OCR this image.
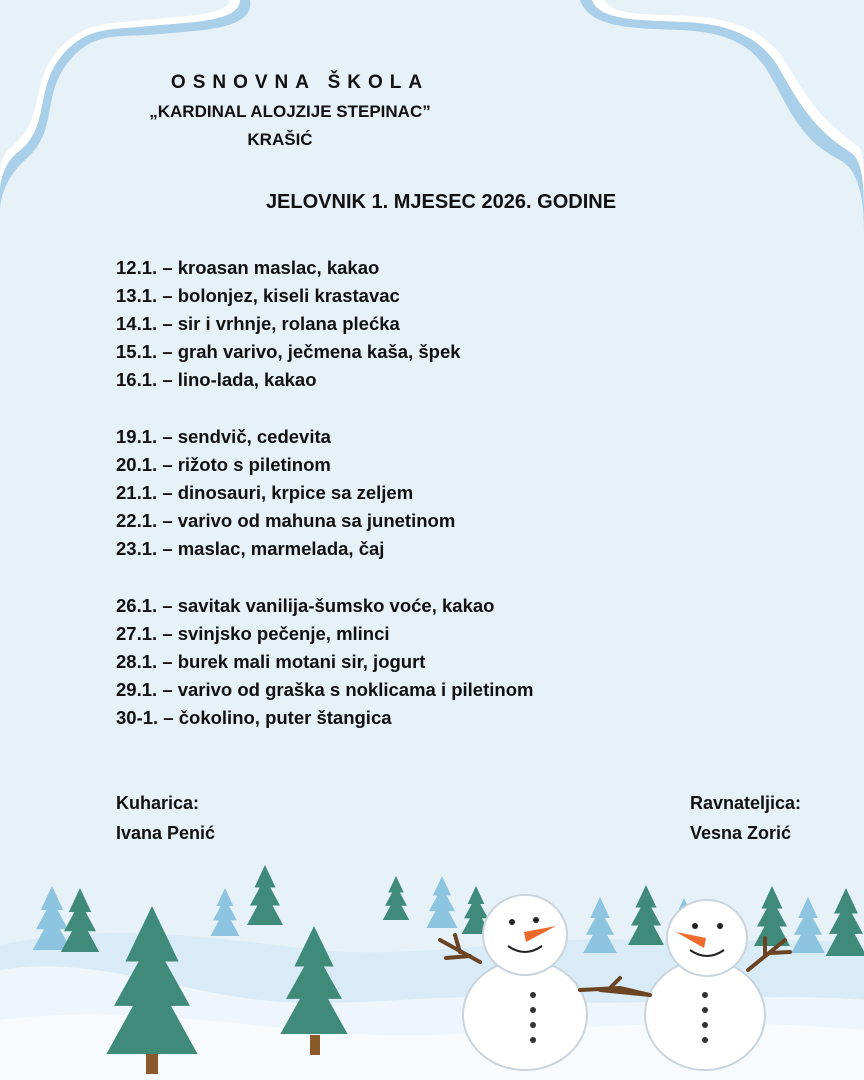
OSNOVNA ŠKOLA
„KARDINAL ALOJZIJE STEPINAC”
KRAŠIĆ
JELOVNIK 1. MJESEC 2026. GODINE
12.1. – kroasan maslac, kakao
13.1. – bolonjez, kiseli krastavac
14.1. – sir i vrhnje, rolana plećka
15.1. – grah varivo, ječmena kaša, špek
16.1. – lino-lada, kakao
19.1. – sendvič, cedevita
20.1. – rižoto s piletinom
21.1. – dinosauri, krpice sa zeljem
22.1. – varivo od mahuna sa junetinom
23.1. – maslac, marmelada, čaj
26.1. – savitak vanilija-šumsko voće, kakao
27.1. – svinjsko pečenje, mlinci
28.1. – burek mali motani sir, jogurt
29.1. – varivo od graška s noklicama i piletinom
30-1. – čokolino, puter štangica
Kuharica:
Ivana Penić
Ravnateljica:
Vesna Zorić
